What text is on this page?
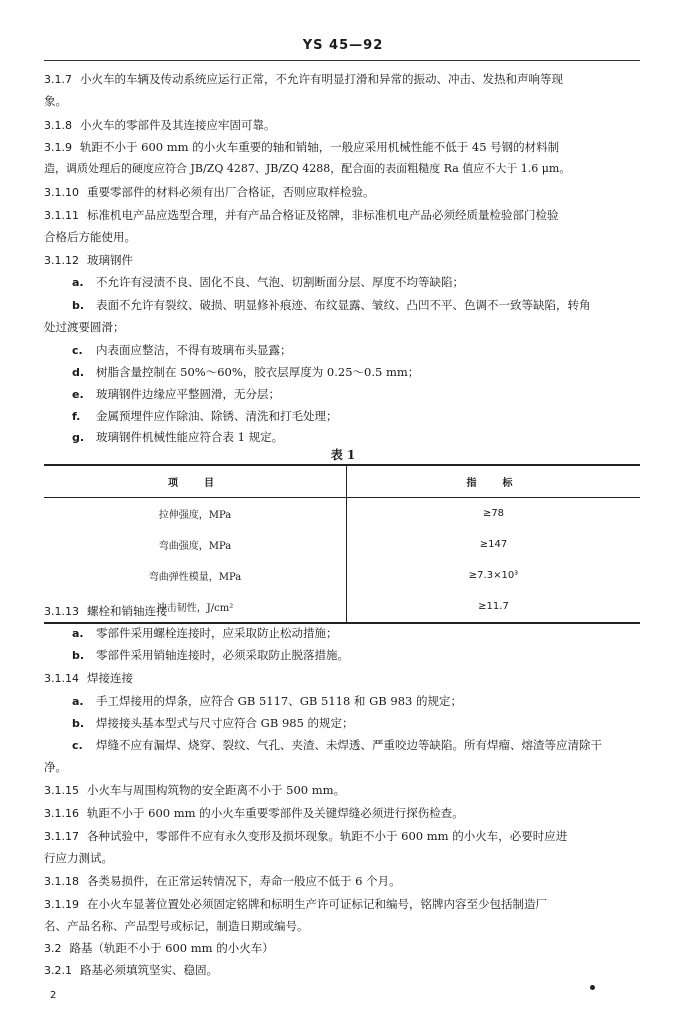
YS 45—92
3.1.7 小火车的车辆及传动系统应运行正常，不允许有明显打滑和异常的振动、冲击、发热和声响等现
象。
3.1.8 小火车的零部件及其连接应牢固可靠。
3.1.9 轨距不小于 600 mm 的小火车重要的轴和销轴，一般应采用机械性能不低于 45 号钢的材料制
造，调质处理后的硬度应符合 JB/ZQ 4287、JB/ZQ 4288，配合面的表面粗糙度 Ra 值应不大于 1.6 μm。
3.1.10 重要零部件的材料必须有出厂合格证，否则应取样检验。
3.1.11 标准机电产品应选型合理，并有产品合格证及铭牌，非标准机电产品必须经质量检验部门检验
合格后方能使用。
3.1.12 玻璃钢件
a. 不允许有浸渍不良、固化不良、气泡、切割断面分层、厚度不均等缺陷；
b. 表面不允许有裂纹、破损、明显修补痕迹、布纹显露、皱纹、凸凹不平、色调不一致等缺陷，转角
处过渡要圆滑；
c. 内表面应整洁，不得有玻璃布头显露；
d. 树脂含量控制在 50%～60%，胶衣层厚度为 0.25～0.5 mm；
e. 玻璃钢件边缘应平整圆滑，无分层；
f. 金属预埋件应作除油、除锈、清洗和打毛处理；
g. 玻璃钢件机械性能应符合表 1 规定。
表 1
项　目	指　标
拉伸强度，MPa	≥78
弯曲强度，MPa	≥147
弯曲弹性模量，MPa	≥7.3×10³
冲击韧性，J/cm²	≥11.7
3.1.13 螺栓和销轴连接
a. 零部件采用螺栓连接时，应采取防止松动措施；
b. 零部件采用销轴连接时，必须采取防止脱落措施。
3.1.14 焊接连接
a. 手工焊接用的焊条，应符合 GB 5117、GB 5118 和 GB 983 的规定；
b. 焊接接头基本型式与尺寸应符合 GB 985 的规定；
c. 焊缝不应有漏焊、烧穿、裂纹、气孔、夹渣、未焊透、严重咬边等缺陷。所有焊瘤、熔渣等应清除干
净。
3.1.15 小火车与周围构筑物的安全距离不小于 500 mm。
3.1.16 轨距不小于 600 mm 的小火车重要零部件及关键焊缝必须进行探伤检查。
3.1.17 各种试验中，零部件不应有永久变形及损坏现象。轨距不小于 600 mm 的小火车，必要时应进
行应力测试。
3.1.18 各类易损件，在正常运转情况下，寿命一般应不低于 6 个月。
3.1.19 在小火车显著位置处必须固定铭牌和标明生产许可证标记和编号，铭牌内容至少包括制造厂
名、产品名称、产品型号或标记，制造日期或编号。
3.2 路基（轨距不小于 600 mm 的小火车）
3.2.1 路基必须填筑坚实、稳固。
2
